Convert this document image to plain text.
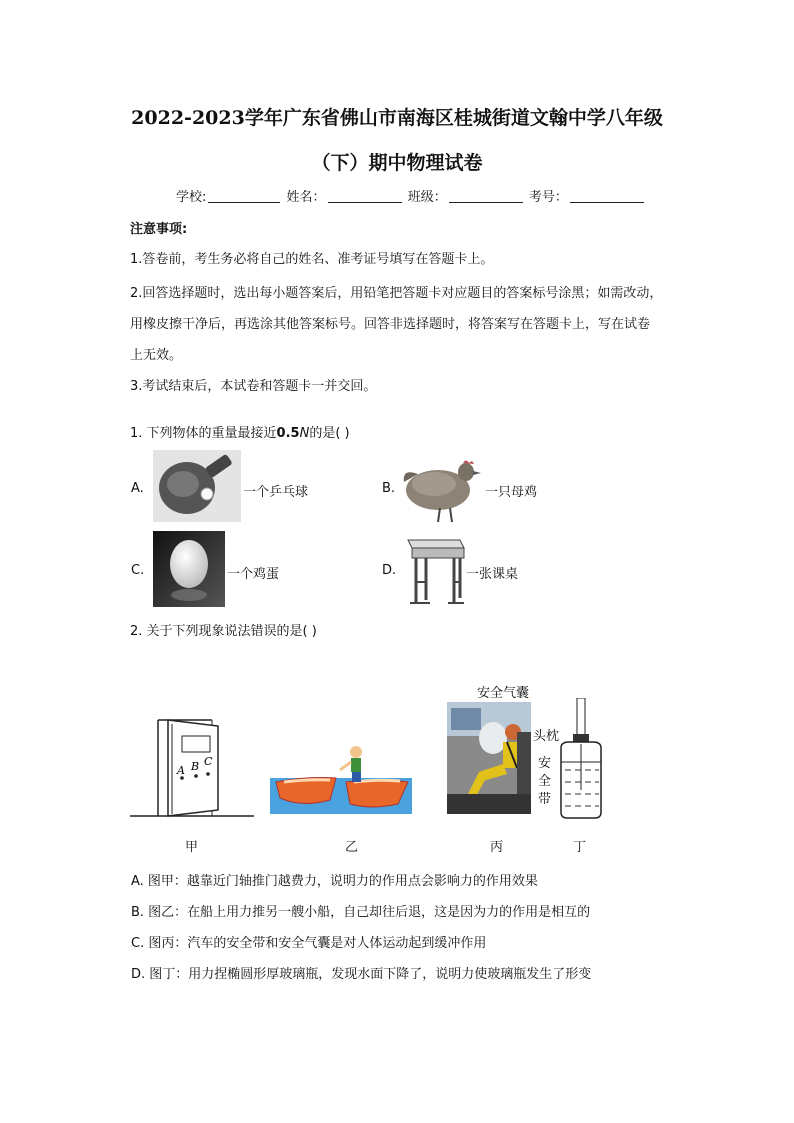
2022-2023学年广东省佛山市南海区桂城街道文翰中学八年级
（下）期中物理试卷
学校:	姓名：	班级：	考号：
注意事项:
1.答卷前，考生务必将自己的姓名、准考证号填写在答题卡上。
2.回答选择题时，选出每小题答案后，用铅笔把答题卡对应题目的答案标号涂黑；如需改动，
用橡皮擦干净后，再选涂其他答案标号。回答非选择题时，将答案写在答题卡上，写在试卷
上无效。
3.考试结束后，本试卷和答题卡一并交回。
1. 下列物体的重量最接近0.5N的是( )
A.	一个乒乓球	B.	一只母鸡
C.	一个鸡蛋	D.	一张课桌
2. 关于下列现象说法错误的是( )
A B C
安全气囊
头枕
安
全
带
甲	乙	丙	丁
A. 图甲：越靠近门轴推门越费力，说明力的作用点会影响力的作用效果
B. 图乙：在船上用力推另一艘小船，自己却往后退，这是因为力的作用是相互的
C. 图丙：汽车的安全带和安全气囊是对人体运动起到缓冲作用
D. 图丁：用力捏椭圆形厚玻璃瓶，发现水面下降了，说明力使玻璃瓶发生了形变
